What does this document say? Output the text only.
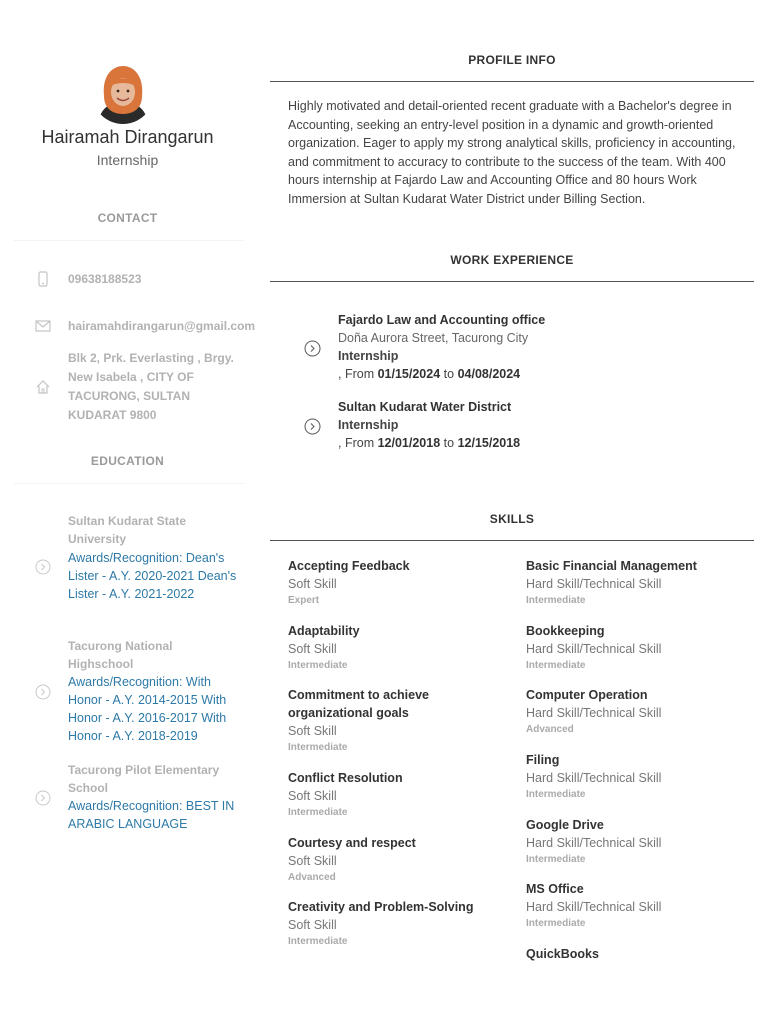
Hairamah Dirangarun
Internship
CONTACT
09638188523
hairamahdirangarun@gmail.com
Blk 2, Prk. Everlasting , Brgy. New Isabela , CITY OF TACURONG, SULTAN KUDARAT 9800
EDUCATION
Sultan Kudarat State University
Awards/Recognition: Dean's Lister - A.Y. 2020-2021 Dean's Lister - A.Y. 2021-2022
Tacurong National Highschool
Awards/Recognition: With Honor - A.Y. 2014-2015 With Honor - A.Y. 2016-2017 With Honor - A.Y. 2018-2019
Tacurong Pilot Elementary School
Awards/Recognition: BEST IN ARABIC LANGUAGE
PROFILE INFO
Highly motivated and detail-oriented recent graduate with a Bachelor's degree in Accounting, seeking an entry-level position in a dynamic and growth-oriented organization. Eager to apply my strong analytical skills, proficiency in accounting, and commitment to accuracy to contribute to the success of the team. With 400 hours internship at Fajardo Law and Accounting Office and 80 hours Work Immersion at Sultan Kudarat Water District under Billing Section.
WORK EXPERIENCE
Fajardo Law and Accounting office
Doña Aurora Street, Tacurong City
Internship
, From 01/15/2024 to 04/08/2024
Sultan Kudarat Water District
Internship
, From 12/01/2018 to 12/15/2018
SKILLS
Accepting Feedback
Soft Skill
Expert
Adaptability
Soft Skill
Intermediate
Commitment to achieve organizational goals
Soft Skill
Intermediate
Conflict Resolution
Soft Skill
Intermediate
Courtesy and respect
Soft Skill
Advanced
Creativity and Problem-Solving
Soft Skill
Intermediate
Basic Financial Management
Hard Skill/Technical Skill
Intermediate
Bookkeeping
Hard Skill/Technical Skill
Intermediate
Computer Operation
Hard Skill/Technical Skill
Advanced
Filing
Hard Skill/Technical Skill
Intermediate
Google Drive
Hard Skill/Technical Skill
Intermediate
MS Office
Hard Skill/Technical Skill
Intermediate
QuickBooks
